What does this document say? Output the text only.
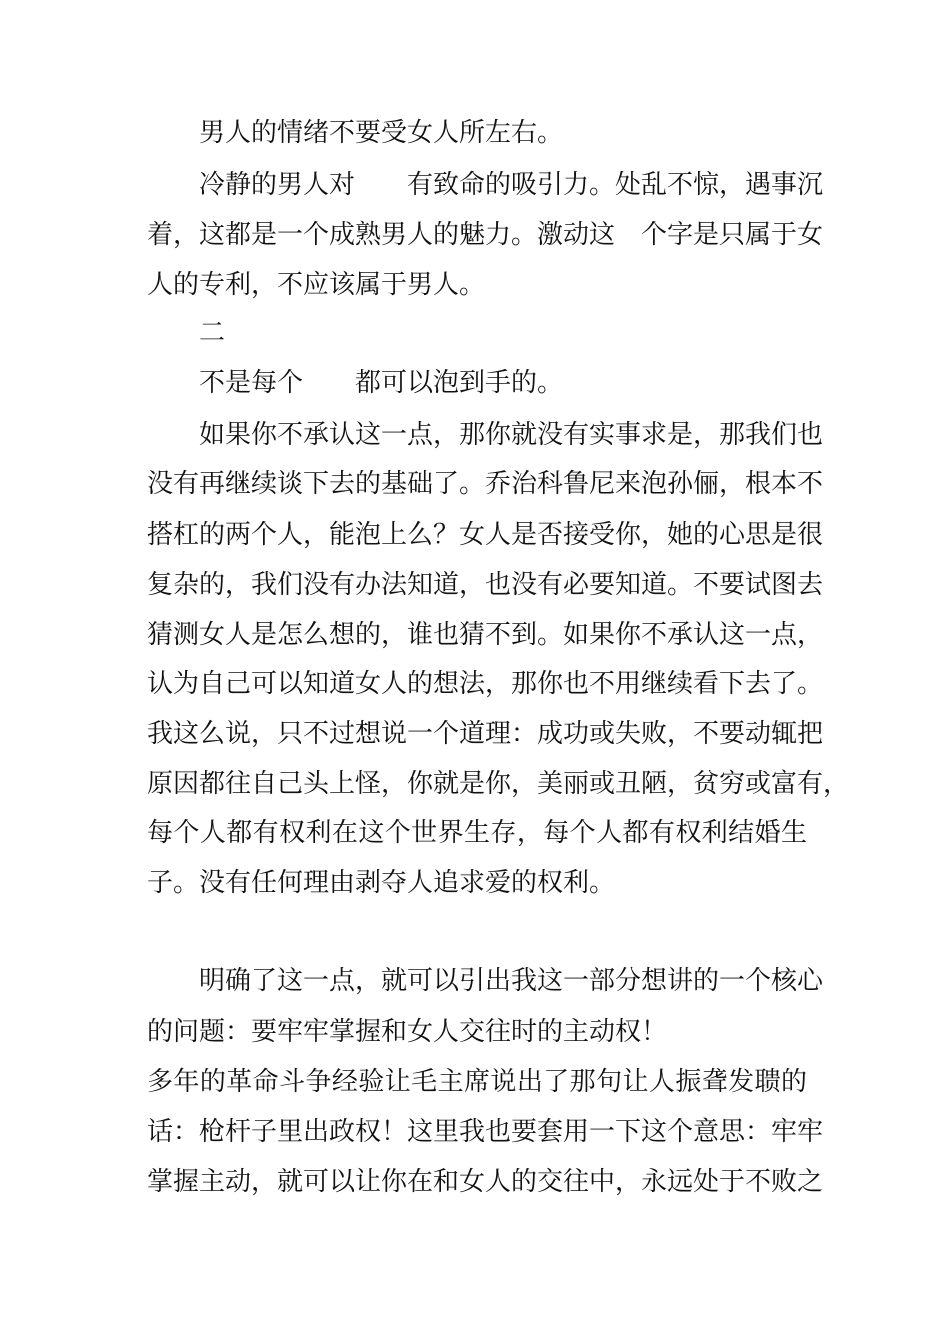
男人的情绪不要受女人所左右。
冷静的男人对　　有致命的吸引力。处乱不惊，遇事沉
着，这都是一个成熟男人的魅力。激动这　个字是只属于女
人的专利，不应该属于男人。
二
不是每个　　都可以泡到手的。
如果你不承认这一点，那你就没有实事求是，那我们也
没有再继续谈下去的基础了。乔治科鲁尼来泡孙俪，根本不
搭杠的两个人，能泡上么？女人是否接受你，她的心思是很
复杂的，我们没有办法知道，也没有必要知道。不要试图去
猜测女人是怎么想的，谁也猜不到。如果你不承认这一点，
认为自己可以知道女人的想法，那你也不用继续看下去了。
我这么说，只不过想说一个道理：成功或失败，不要动辄把
原因都往自己头上怪，你就是你，美丽或丑陋，贫穷或富有，
每个人都有权利在这个世界生存，每个人都有权利结婚生
子。没有任何理由剥夺人追求爱的权利。
明确了这一点，就可以引出我这一部分想讲的一个核心
的问题：要牢牢掌握和女人交往时的主动权！
多年的革命斗争经验让毛主席说出了那句让人振聋发聩的
话：枪杆子里出政权！这里我也要套用一下这个意思：牢牢
掌握主动，就可以让你在和女人的交往中，永远处于不败之
